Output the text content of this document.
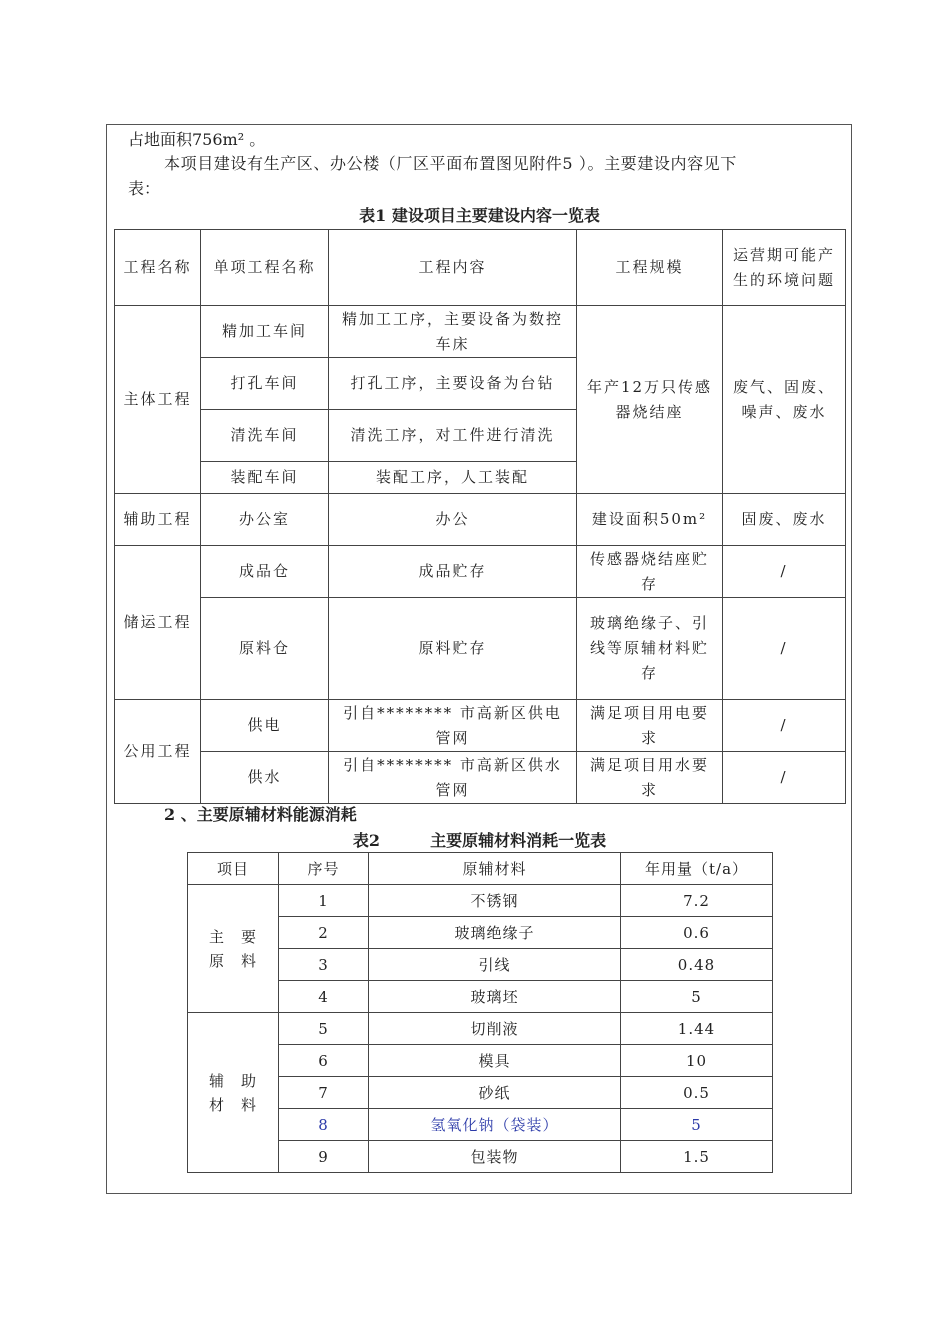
占地面积756m² 。

本项目建设有生产区、办公楼（厂区平面布置图见附件5 ）。主要建设内容见下

表：

表1 建设项目主要建设内容一览表
工程名称	单项工程名称	工程内容	工程规模	运营期可能产生的环境问题
主体工程	精加工车间	精加工工序，主要设备为数控车床	年产12万只传感器烧结座	废气、固废、噪声、废水
	打孔车间	打孔工序，主要设备为台钻		
	清洗车间	清洗工序，对工件进行清洗		
	装配车间	装配工序，人工装配		
辅助工程	办公室	办公	建设面积50m²	固废、废水
储运工程	成品仓	成品贮存	传感器烧结座贮存	/
	原料仓	原料贮存	玻璃绝缘子、引线等原辅材料贮存	/
公用工程	供电	引自******** 市高新区供电管网	满足项目用电要求	/
	供水	引自******** 市高新区供水管网	满足项目用水要求	/
2 、主要原辅材料能源消耗
表2         主要原辅材料消耗一览表
项目	序号	原辅材料	年用量（t/a）
主　要
原　料	1	不锈钢	7.2
	2	玻璃绝缘子	0.6
	3	引线	0.48
	4	玻璃坯	5
辅　助
材　料	5	切削液	1.44
	6	模具	10
	7	砂纸	0.5
	8	氢氧化钠（袋装）	5
	9	包装物	1.5
